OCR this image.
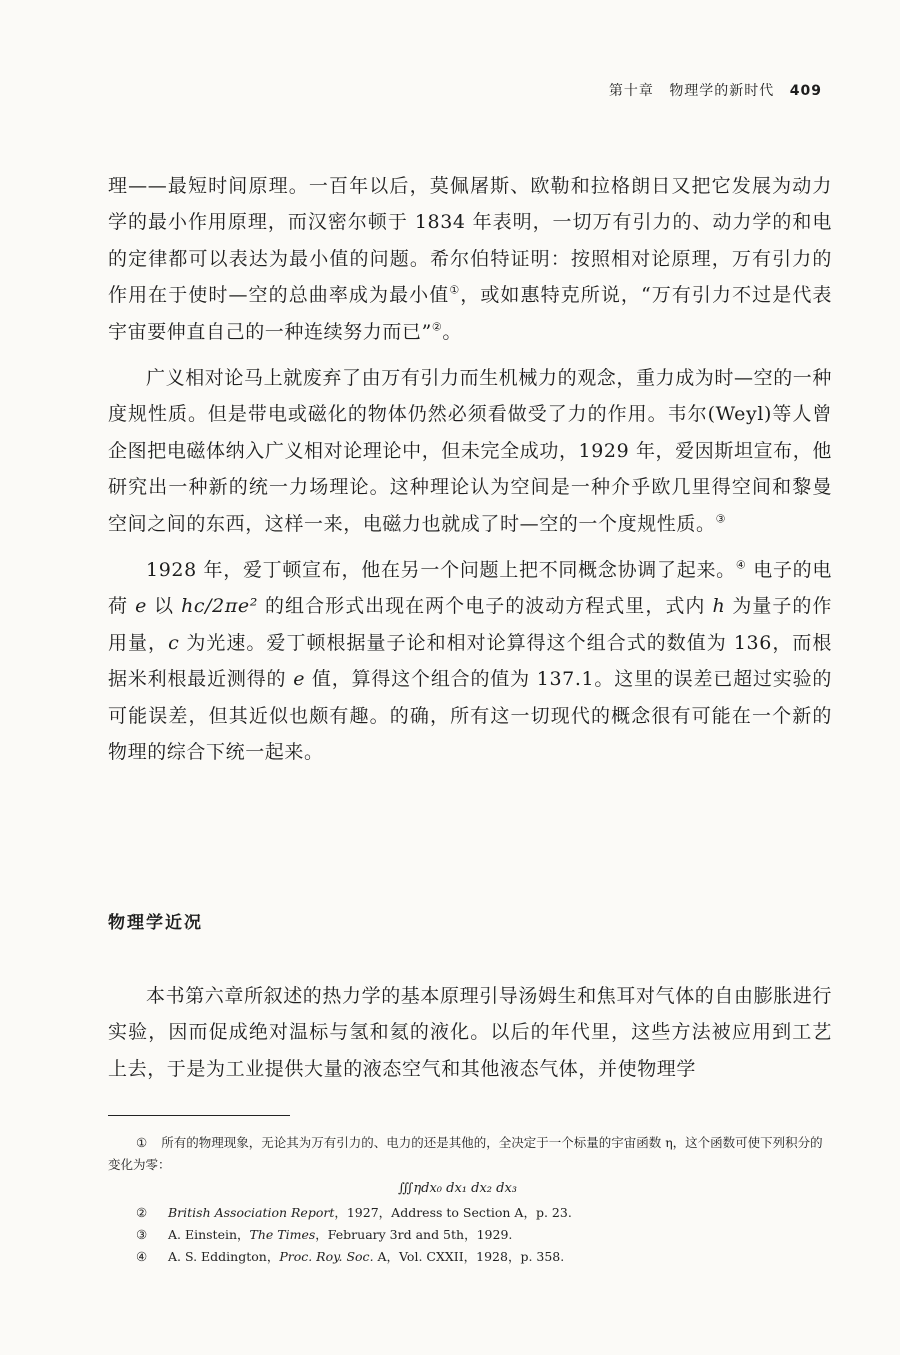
第十章 物理学的新时代 409

理——最短时间原理。一百年以后，莫佩屠斯、欧勒和拉格朗日又把它发展为动力学的最小作用原理，而汉密尔顿于 1834 年表明，一切万有引力的、动力学的和电的定律都可以表达为最小值的问题。希尔伯特证明：按照相对论原理，万有引力的作用在于使时—空的总曲率成为最小值①，或如惠特克所说，“万有引力不过是代表宇宙要伸直自己的一种连续努力而已”②。

广义相对论马上就废弃了由万有引力而生机械力的观念，重力成为时—空的一种度规性质。但是带电或磁化的物体仍然必须看做受了力的作用。韦尔(Weyl)等人曾企图把电磁体纳入广义相对论理论中，但未完全成功，1929 年，爱因斯坦宣布，他研究出一种新的统一力场理论。这种理论认为空间是一种介乎欧几里得空间和黎曼空间之间的东西，这样一来，电磁力也就成了时—空的一个度规性质。③

1928 年，爱丁顿宣布，他在另一个问题上把不同概念协调了起来。④ 电子的电荷 e 以 hc/2πe² 的组合形式出现在两个电子的波动方程式里，式内 h 为量子的作用量，c 为光速。爱丁顿根据量子论和相对论算得这个组合式的数值为 136，而根据米利根最近测得的 e 值，算得这个组合的值为 137.1。这里的误差已超过实验的可能误差，但其近似也颇有趣。的确，所有这一切现代的概念很有可能在一个新的物理的综合下统一起来。

物理学近况

本书第六章所叙述的热力学的基本原理引导汤姆生和焦耳对气体的自由膨胀进行实验，因而促成绝对温标与氢和氦的液化。以后的年代里，这些方法被应用到工艺上去，于是为工业提供大量的液态空气和其他液态气体，并使物理学

① 所有的物理现象，无论其为万有引力的、电力的还是其他的，全决定于一个标量的宇宙函数 η，这个函数可使下列积分的变化为零：
∭ηdx₀ dx₁ dx₂ dx₃
② British Association Report，1927，Address to Section A，p. 23.
③ A. Einstein，The Times，February 3rd and 5th，1929.
④ A. S. Eddington，Proc. Roy. Soc. A，Vol. CXXII，1928，p. 358.
